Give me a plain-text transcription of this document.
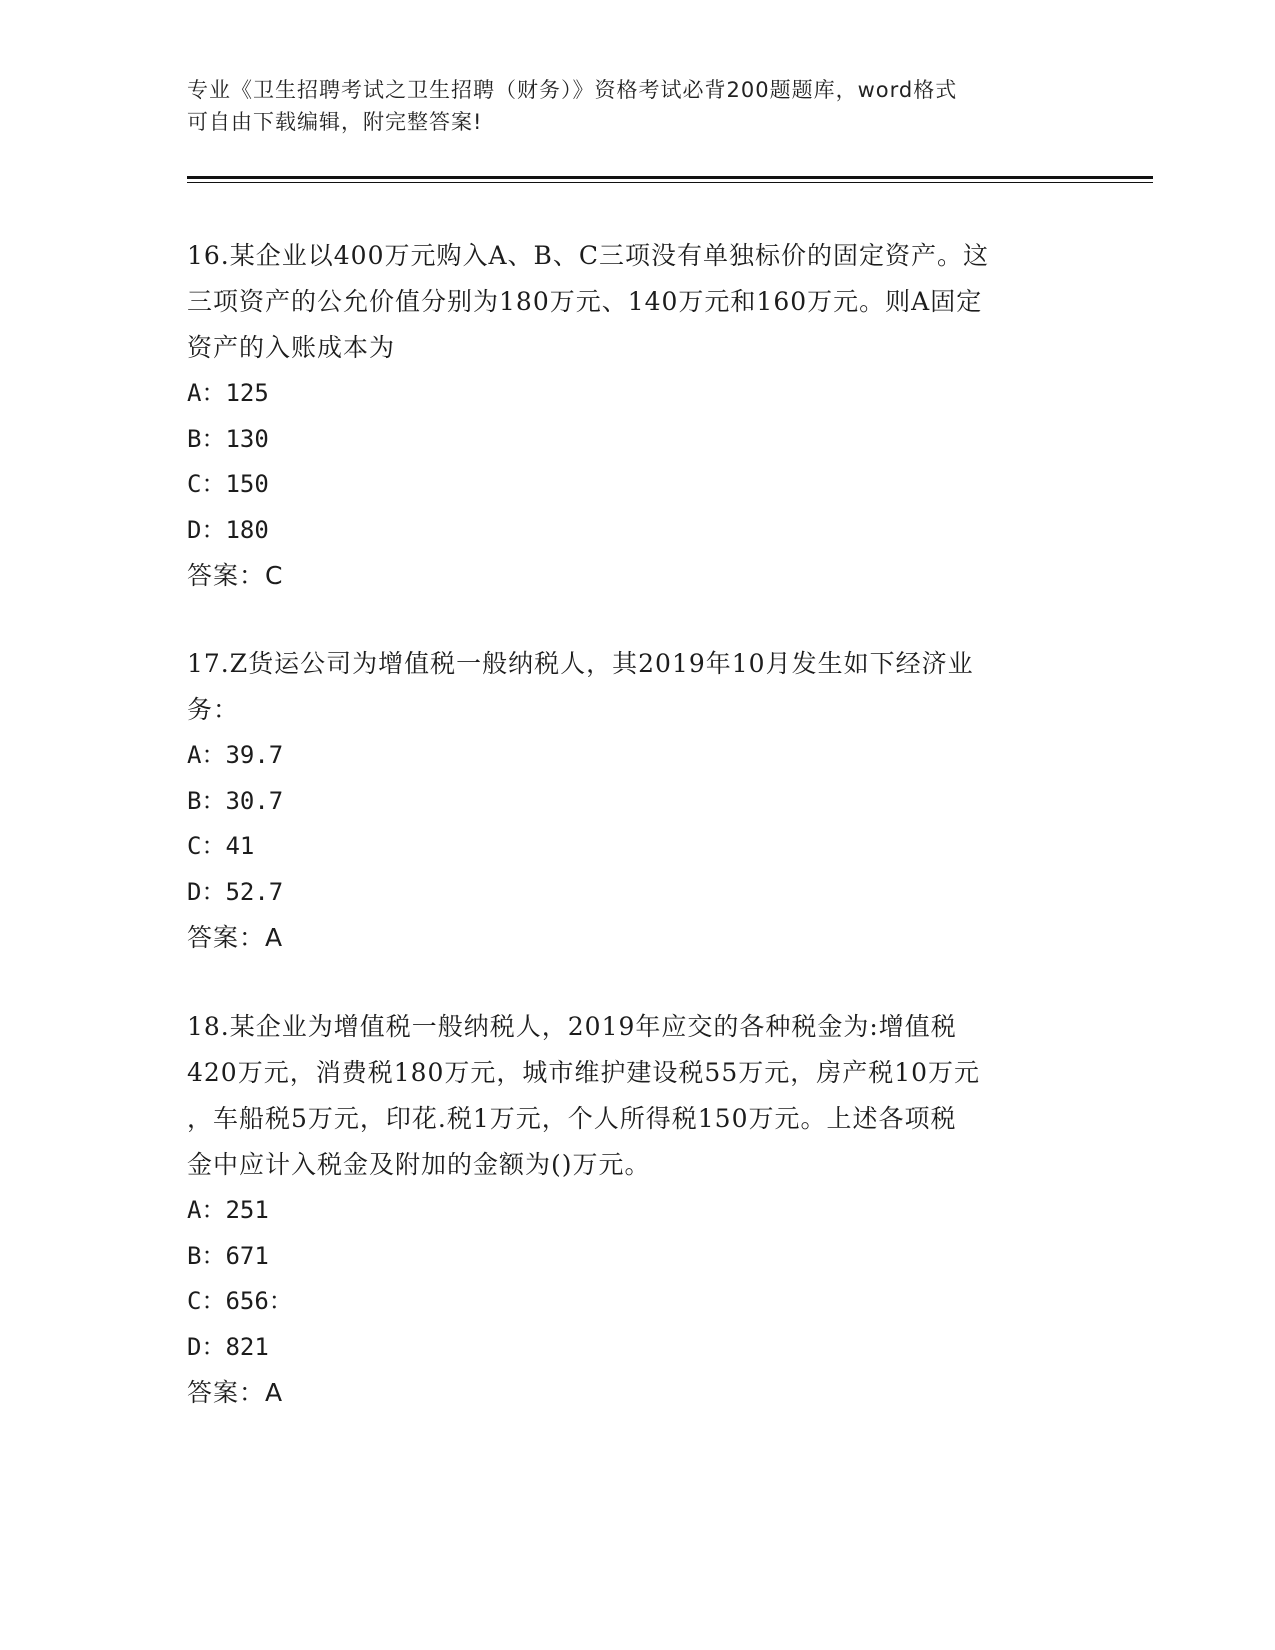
专业《卫生招聘考试之卫生招聘（财务）》资格考试必背200题题库，word格式
可自由下载编辑，附完整答案!
16.某企业以400万元购入A、B、C三项没有单独标价的固定资产。这
三项资产的公允价值分别为180万元、140万元和160万元。则A固定
资产的入账成本为
A：125
B：130
C：150
D：180
答案：C
17.Z货运公司为增值税一般纳税人，其2019年10月发生如下经济业
务：
A：39.7
B：30.7
C：41
D：52.7
答案：A
18.某企业为增值税一般纳税人，2019年应交的各种税金为:增值税
420万元，消费税180万元，城市维护建设税55万元，房产税10万元
，车船税5万元，印花.税1万元，个人所得税150万元。上述各项税
金中应计入税金及附加的金额为()万元。
A：251
B：671
C：656：
D：821
答案：A
